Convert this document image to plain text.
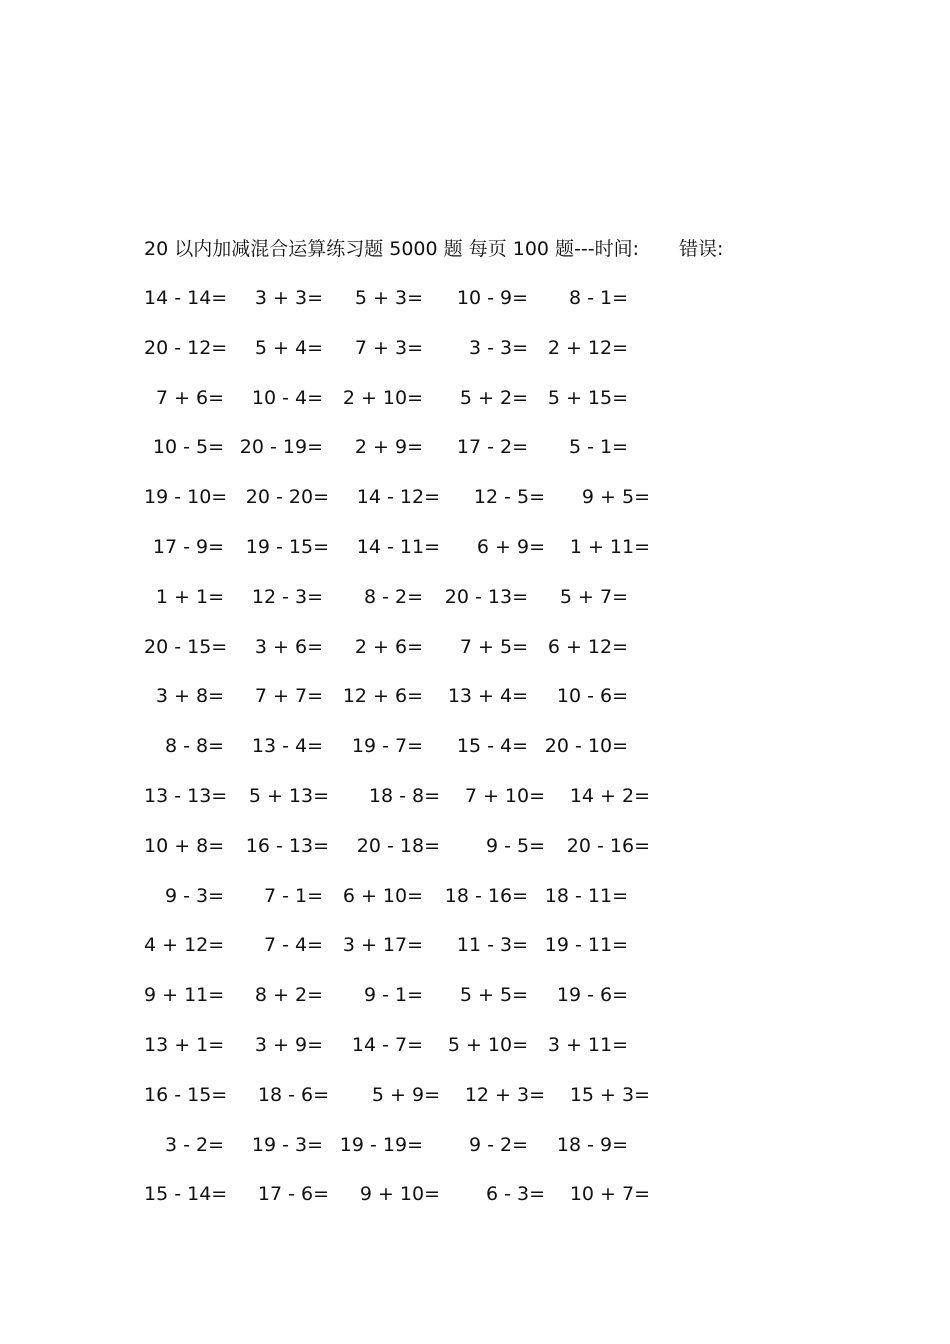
20 以内加减混合运算练习题 5000 题 每页 100 题---时间: 错误:
14 - 14= 3 + 3= 5 + 3= 10 - 9= 8 - 1=
20 - 12= 5 + 4= 7 + 3= 3 - 3= 2 + 12=
7 + 6= 10 - 4= 2 + 10= 5 + 2= 5 + 15=
10 - 5= 20 - 19= 2 + 9= 17 - 2= 5 - 1=
19 - 10= 20 - 20= 14 - 12= 12 - 5= 9 + 5=
17 - 9= 19 - 15= 14 - 11= 6 + 9= 1 + 11=
1 + 1= 12 - 3= 8 - 2= 20 - 13= 5 + 7=
20 - 15= 3 + 6= 2 + 6= 7 + 5= 6 + 12=
3 + 8= 7 + 7= 12 + 6= 13 + 4= 10 - 6=
8 - 8= 13 - 4= 19 - 7= 15 - 4= 20 - 10=
13 - 13= 5 + 13= 18 - 8= 7 + 10= 14 + 2=
10 + 8= 16 - 13= 20 - 18= 9 - 5= 20 - 16=
9 - 3= 7 - 1= 6 + 10= 18 - 16= 18 - 11=
4 + 12= 7 - 4= 3 + 17= 11 - 3= 19 - 11=
9 + 11= 8 + 2= 9 - 1= 5 + 5= 19 - 6=
13 + 1= 3 + 9= 14 - 7= 5 + 10= 3 + 11=
16 - 15= 18 - 6= 5 + 9= 12 + 3= 15 + 3=
3 - 2= 19 - 3= 19 - 19= 9 - 2= 18 - 9=
15 - 14= 17 - 6= 9 + 10= 6 - 3= 10 + 7=
